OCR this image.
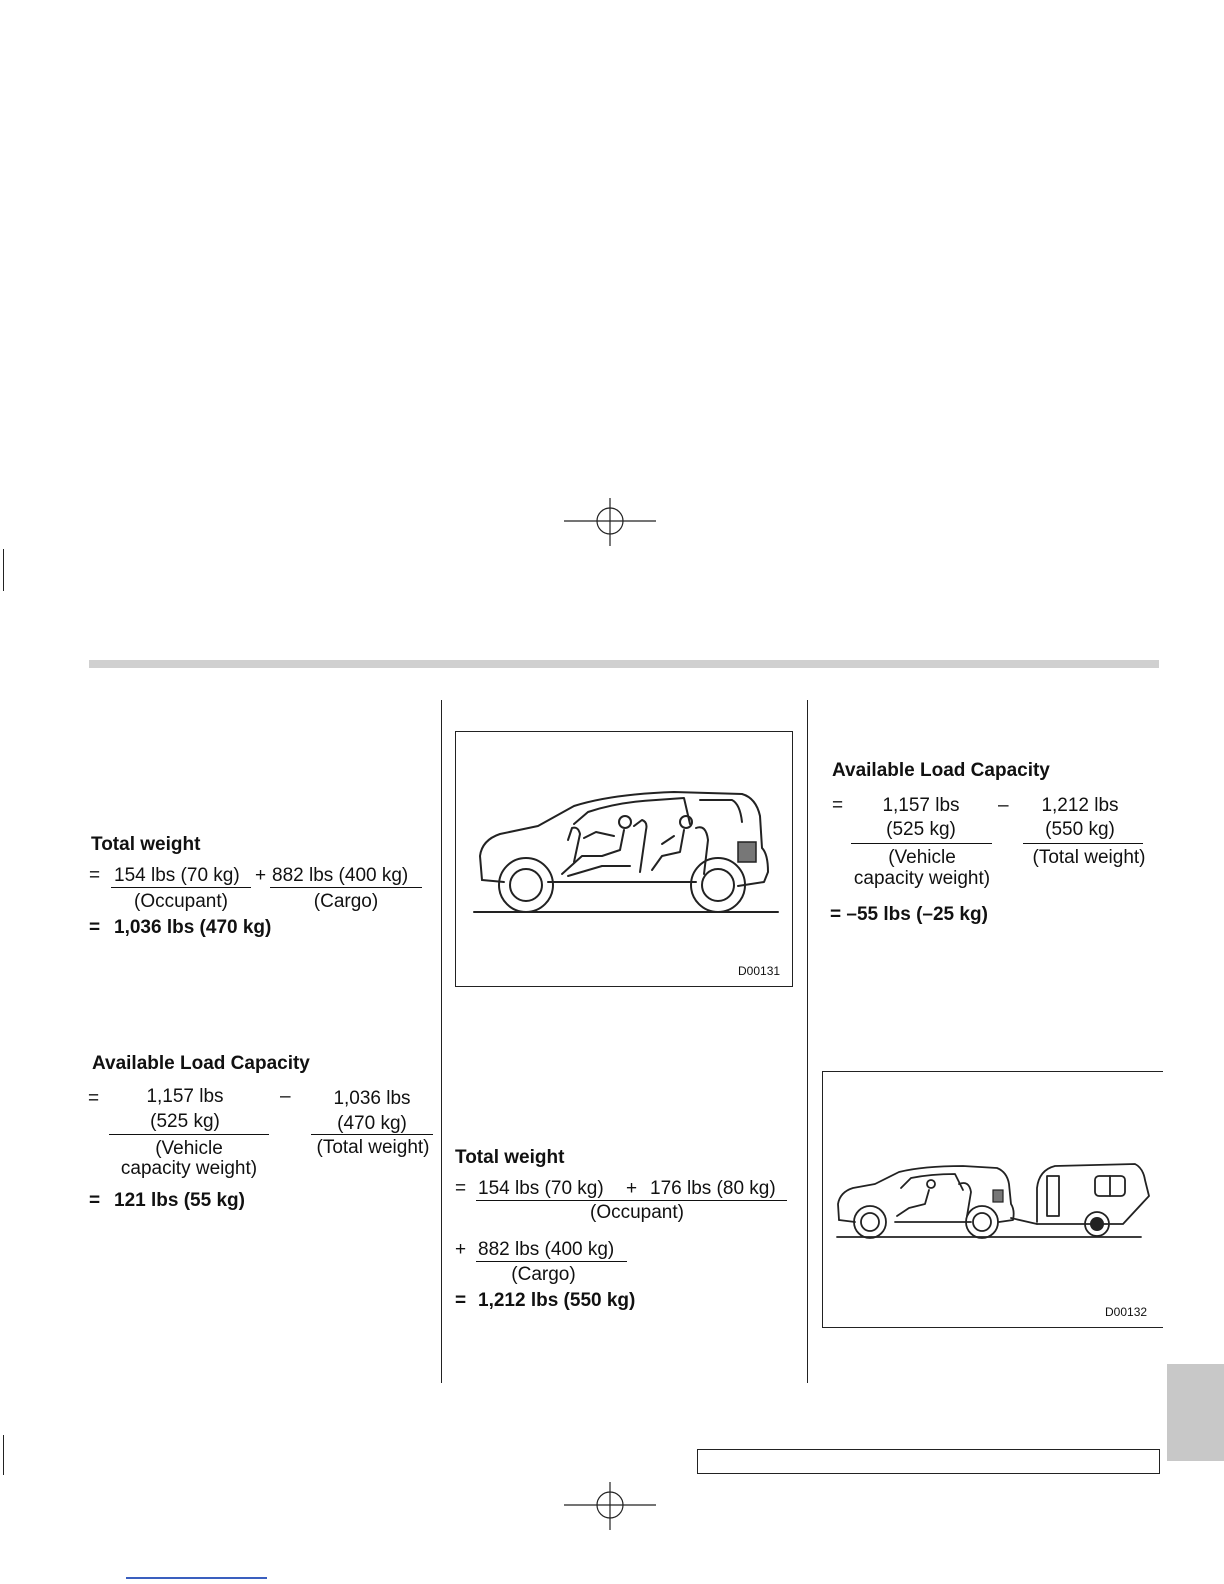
Total weight
= 154 lbs (70 kg) + 882 lbs (400 kg)
(Occupant)	(Cargo)
= 1,036 lbs (470 kg)
Available Load Capacity
=	1,157 lbs
(525 kg)
–	1,036 lbs
(470 kg)
(Vehicle
capacity weight)
(Total weight)
= 121 lbs (55 kg)
D00131
Total weight
= 154 lbs (70 kg) + 176 lbs (80 kg)
(Occupant)
+ 882 lbs (400 kg)
(Cargo)
= 1,212 lbs (550 kg)
Available Load Capacity
=	1,157 lbs
(525 kg)
–	1,212 lbs
(550 kg)
(Vehicle
capacity weight)
(Total weight)
= –55 lbs (–25 kg)
D00132
